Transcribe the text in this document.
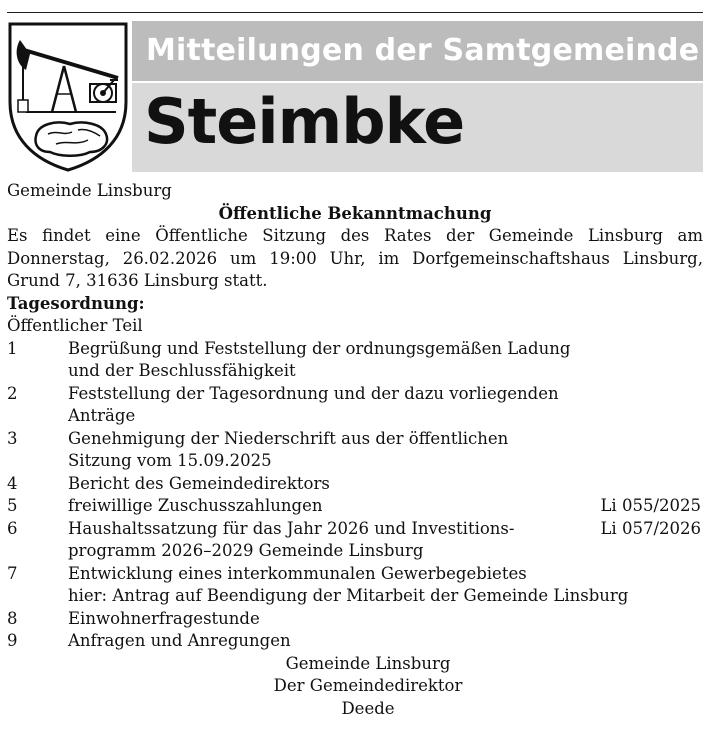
Mitteilungen der Samtgemeinde
Steimbke
Gemeinde Linsburg
Öffentliche Bekanntmachung
Es findet eine Öffentliche Sitzung des Rates der Gemeinde Linsburg am
Donnerstag, 26.02.2026 um 19:00 Uhr, im Dorfgemeinschaftshaus Linsburg,
Grund 7, 31636 Linsburg statt.
Tagesordnung:
Öffentlicher Teil
1	Begrüßung und Feststellung der ordnungsgemäßen Ladung
und der Beschlussfähigkeit
2	Feststellung der Tagesordnung und der dazu vorliegenden
Anträge
3	Genehmigung der Niederschrift aus der öffentlichen
Sitzung vom 15.09.2025
4	Bericht des Gemeindedirektors
5	freiwillige Zuschusszahlungen	Li 055/2025
6	Haushaltssatzung für das Jahr 2026 und Investitions-	Li 057/2026
programm 2026–2029 Gemeinde Linsburg
7	Entwicklung eines interkommunalen Gewerbegebietes
hier: Antrag auf Beendigung der Mitarbeit der Gemeinde Linsburg
8	Einwohnerfragestunde
9	Anfragen und Anregungen
Gemeinde Linsburg
Der Gemeindedirektor
Deede
